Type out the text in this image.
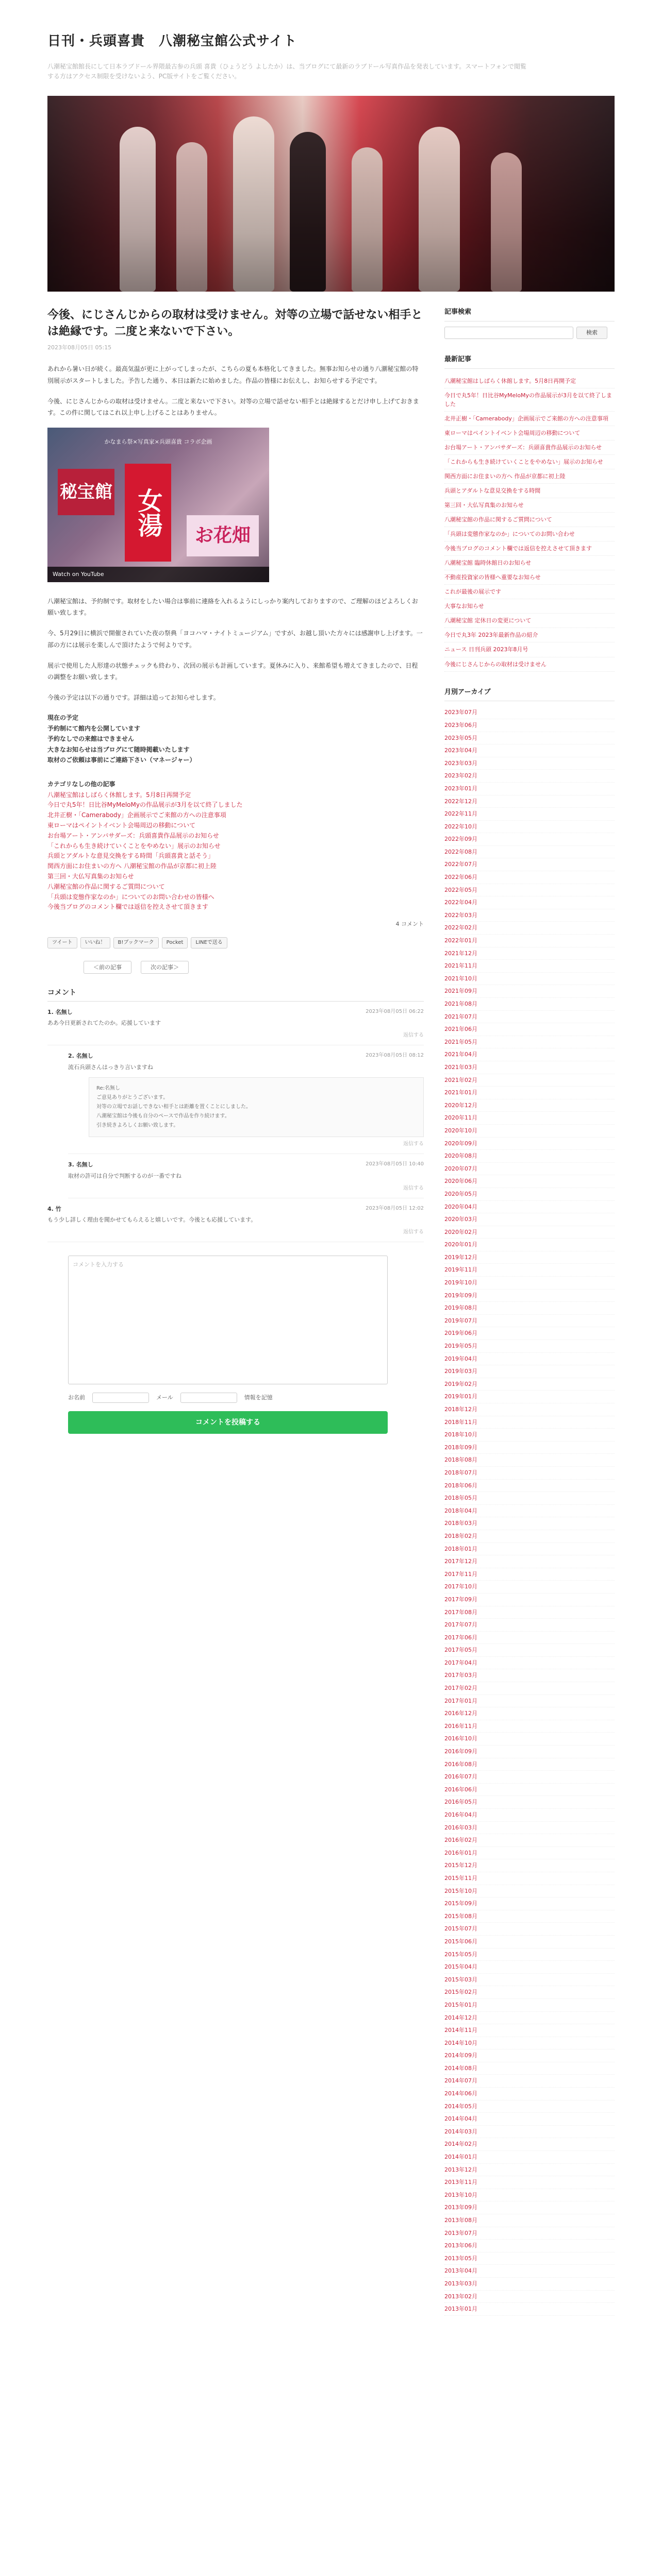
日刊・兵頭喜貴　八潮秘宝館公式サイト
八潮秘宝館館長にして日本ラブドール界隈最古参の兵頭 喜貴（ひょうどう よしたか）は、当ブログにて最新のラブドール写真作品を発表しています。スマートフォンで閲覧する方はアクセス制限を受けないよう、PC版サイトをご覧ください。
今後、にじさんじからの取材は受けません。対等の立場で話せない相手とは絶縁です。二度と来ないで下さい。
2023年08月05日 05:15

あれから暑い日が続く。最高気温が更に上がってしまったが、こちらの夏も本格化してきました。無事お知らせの通り八潮秘宝館の特別展示がスタートしました。予告した通り、本日は新たに始めました。作品の皆様にお伝えし、お知らせする予定です。

今後、にじさんじからの取材は受けません。二度と来ないで下さい。対等の立場で話せない相手とは絶縁するとだけ申し上げておきます。この件に関してはこれ以上申し上げることはありません。

かなまら祭×写真家×兵頭喜貴 コラボ企画
秘宝館 女湯	お花畑
Watch on YouTube

八潮秘宝館は、予約制です。取材をしたい場合は事前に連絡を入れるようにしっかり案内しておりますので、ご理解のほどよろしくお願い致します。

今、5月29日に横浜で開催されていた夜の祭典「ヨコハマ・ナイトミュージアム」ですが、お越し頂いた方々には感謝申し上げます。一部の方には展示を楽しんで頂けたようで何よりです。

展示で使用した人形達の状態チェックも終わり、次回の展示も計画しています。夏休みに入り、来館希望も増えてきましたので、日程の調整をお願い致します。

今後の予定は以下の通りです。詳細は追ってお知らせします。

現在の予定
予約制にて館内を公開しています
予約なしでの来館はできません
大きなお知らせは当ブログにて随時掲載いたします
取材のご依頼は事前にご連絡下さい（マネージャー）
カテゴリなしの他の記事
八潮秘宝館はしばらく休館します。5月8日再開予定
今日で丸5年！日比谷MyMeloMyの作品展示が3月を以て終了しました
北井正樹・「Camerabody」企画展示でご来館の方への注意事項
東ローマはペイントイベント会場周辺の移動について
お台場アート・アンバサダーズ：兵頭喜貴作品展示のお知らせ
「これからも生き続けていくことをやめない」展示のお知らせ
兵頭とアダルトな意見交換をする時間「兵頭喜貴と話そう」
関西方面にお住まいの方へ 八潮秘宝館の作品が京都に初上陸
第三回・大仏写真集のお知らせ
八潮秘宝館の作品に関するご質問について
「兵頭は変態作家なのか」についてのお問い合わせの皆様へ
今後当ブログのコメント欄では返信を控えさせて頂きます
4 コメント
ツイート	いいね！	B!ブックマーク	Pocket	LINEで送る
＜前の記事	次の記事＞
コメント
1. 名無し	2023年08月05日 06:22
ああ今日更新されてたのか。応援しています
返信する
2. 名無し	2023年08月05日 08:12
流石兵頭さんはっきり言いますね
Re:名無し
ご意見ありがとうございます。
対等の立場でお話しできない相手とは距離を置くことにしました。
八潮秘宝館は今後も自分のペースで作品を作り続けます。
引き続きよろしくお願い致します。
返信する
3. 名無し	2023年08月05日 10:40
取材の許可は自分で判断するのが一番ですね
返信する
4. 竹	2023年08月05日 12:02
もう少し詳しく理由を聞かせてもらえると嬉しいです。今後とも応援しています。
返信する
コメントを入力する
お名前	メール	情報を記憶
コメントを投稿する
記事検索
検索
最新記事
八潮秘宝館はしばらく休館します。5月8日再開予定
今日で丸5年！日比谷MyMeloMyの作品展示が3月を以て終了しました
北井正樹・「Camerabody」企画展示でご来館の方への注意事項
東ローマはペイントイベント会場周辺の移動について
お台場アート・アンバサダーズ：兵頭喜貴作品展示のお知らせ
「これからも生き続けていくことをやめない」展示のお知らせ
関西方面にお住まいの方へ 作品が京都に初上陸
兵頭とアダルトな意見交換をする時間
第三回・大仏写真集のお知らせ
八潮秘宝館の作品に関するご質問について
「兵頭は変態作家なのか」についてのお問い合わせ
今後当ブログのコメント欄では返信を控えさせて頂きます
八潮秘宝館 臨時休館日のお知らせ
不動産投資家の皆様へ重要なお知らせ
これが最後の展示です
大事なお知らせ
八潮秘宝館 定休日の変更について
今日で丸3年 2023年最新作品の紹介
ニュース 日刊兵頭 2023年8月号
今後にじさんじからの取材は受けません
月別アーカイブ
2023年07月
2023年06月
2023年05月
2023年04月
2023年03月
2023年02月
2023年01月
2022年12月
2022年11月
2022年10月
2022年09月
2022年08月
2022年07月
2022年06月
2022年05月
2022年04月
2022年03月
2022年02月
2022年01月
2021年12月
2021年11月
2021年10月
2021年09月
2021年08月
2021年07月
2021年06月
2021年05月
2021年04月
2021年03月
2021年02月
2021年01月
2020年12月
2020年11月
2020年10月
2020年09月
2020年08月
2020年07月
2020年06月
2020年05月
2020年04月
2020年03月
2020年02月
2020年01月
2019年12月
2019年11月
2019年10月
2019年09月
2019年08月
2019年07月
2019年06月
2019年05月
2019年04月
2019年03月
2019年02月
2019年01月
2018年12月
2018年11月
2018年10月
2018年09月
2018年08月
2018年07月
2018年06月
2018年05月
2018年04月
2018年03月
2018年02月
2018年01月
2017年12月
2017年11月
2017年10月
2017年09月
2017年08月
2017年07月
2017年06月
2017年05月
2017年04月
2017年03月
2017年02月
2017年01月
2016年12月
2016年11月
2016年10月
2016年09月
2016年08月
2016年07月
2016年06月
2016年05月
2016年04月
2016年03月
2016年02月
2016年01月
2015年12月
2015年11月
2015年10月
2015年09月
2015年08月
2015年07月
2015年06月
2015年05月
2015年04月
2015年03月
2015年02月
2015年01月
2014年12月
2014年11月
2014年10月
2014年09月
2014年08月
2014年07月
2014年06月
2014年05月
2014年04月
2014年03月
2014年02月
2014年01月
2013年12月
2013年11月
2013年10月
2013年09月
2013年08月
2013年07月
2013年06月
2013年05月
2013年04月
2013年03月
2013年02月
2013年01月
